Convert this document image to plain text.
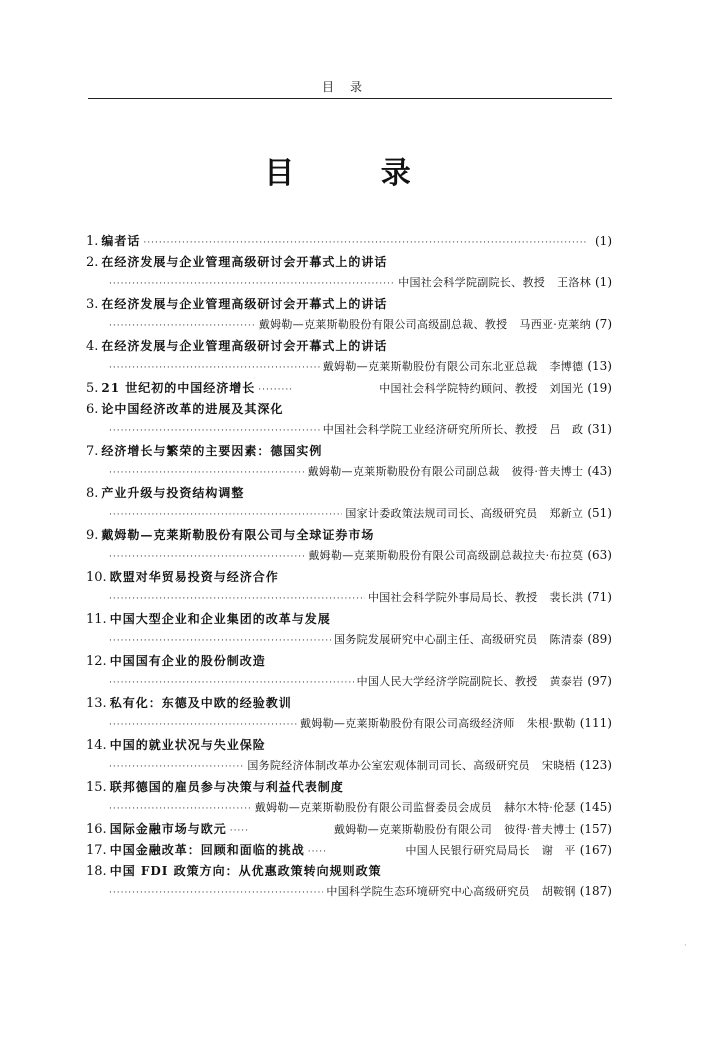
目录
目 录
1. 编者话 ·····	(1)
2. 在经济发展与企业管理高级研讨会开幕式上的讲话
·····
中国社会科学院副院长、教授 王洛林 (1)
3. 在经济发展与企业管理高级研讨会开幕式上的讲话
·····
戴姆勒—克莱斯勒股份有限公司高级副总裁、教授 马西亚·克莱纳 (7)
4. 在经济发展与企业管理高级研讨会开幕式上的讲话
·····
戴姆勒—克莱斯勒股份有限公司东北亚总裁 李博德 (13)
5. 21 世纪初的中国经济增长 ·····	中国社会科学院特约顾问、教授 刘国光 (19)
6. 论中国经济改革的进展及其深化
·····
中国社会科学院工业经济研究所所长、教授 吕　政 (31)
7. 经济增长与繁荣的主要因素：德国实例
·····
戴姆勒—克莱斯勒股份有限公司副总裁 彼得·普夫博士 (43)
8. 产业升级与投资结构调整
·····
国家计委政策法规司司长、高级研究员 郑新立 (51)
9. 戴姆勒—克莱斯勒股份有限公司与全球证券市场
·····
戴姆勒—克莱斯勒股份有限公司高级副总裁拉夫·布拉莫 (63)
10. 欧盟对华贸易投资与经济合作
·····
中国社会科学院外事局局长、教授 裴长洪 (71)
11. 中国大型企业和企业集团的改革与发展
·····
国务院发展研究中心副主任、高级研究员 陈清泰 (89)
12. 中国国有企业的股份制改造
·····
中国人民大学经济学院副院长、教授 黄泰岩 (97)
13. 私有化：东德及中欧的经验教训
·····
戴姆勒—克莱斯勒股份有限公司高级经济师 朱根·默勒 (111)
14. 中国的就业状况与失业保险
·····
国务院经济体制改革办公室宏观体制司司长、高级研究员 宋晓梧 (123)
15. 联邦德国的雇员参与决策与利益代表制度
·····
戴姆勒—克莱斯勒股份有限公司监督委员会成员 赫尔木特·伦瑟 (145)
16. 国际金融市场与欧元 ·····	戴姆勒—克莱斯勒股份有限公司 彼得·普夫博士 (157)
17. 中国金融改革：回顾和面临的挑战 ·····	中国人民银行研究局局长 谢　平 (167)
18. 中国 FDI 政策方向：从优惠政策转向规则政策
·····
中国科学院生态环境研究中心高级研究员 胡鞍钢 (187)
·
